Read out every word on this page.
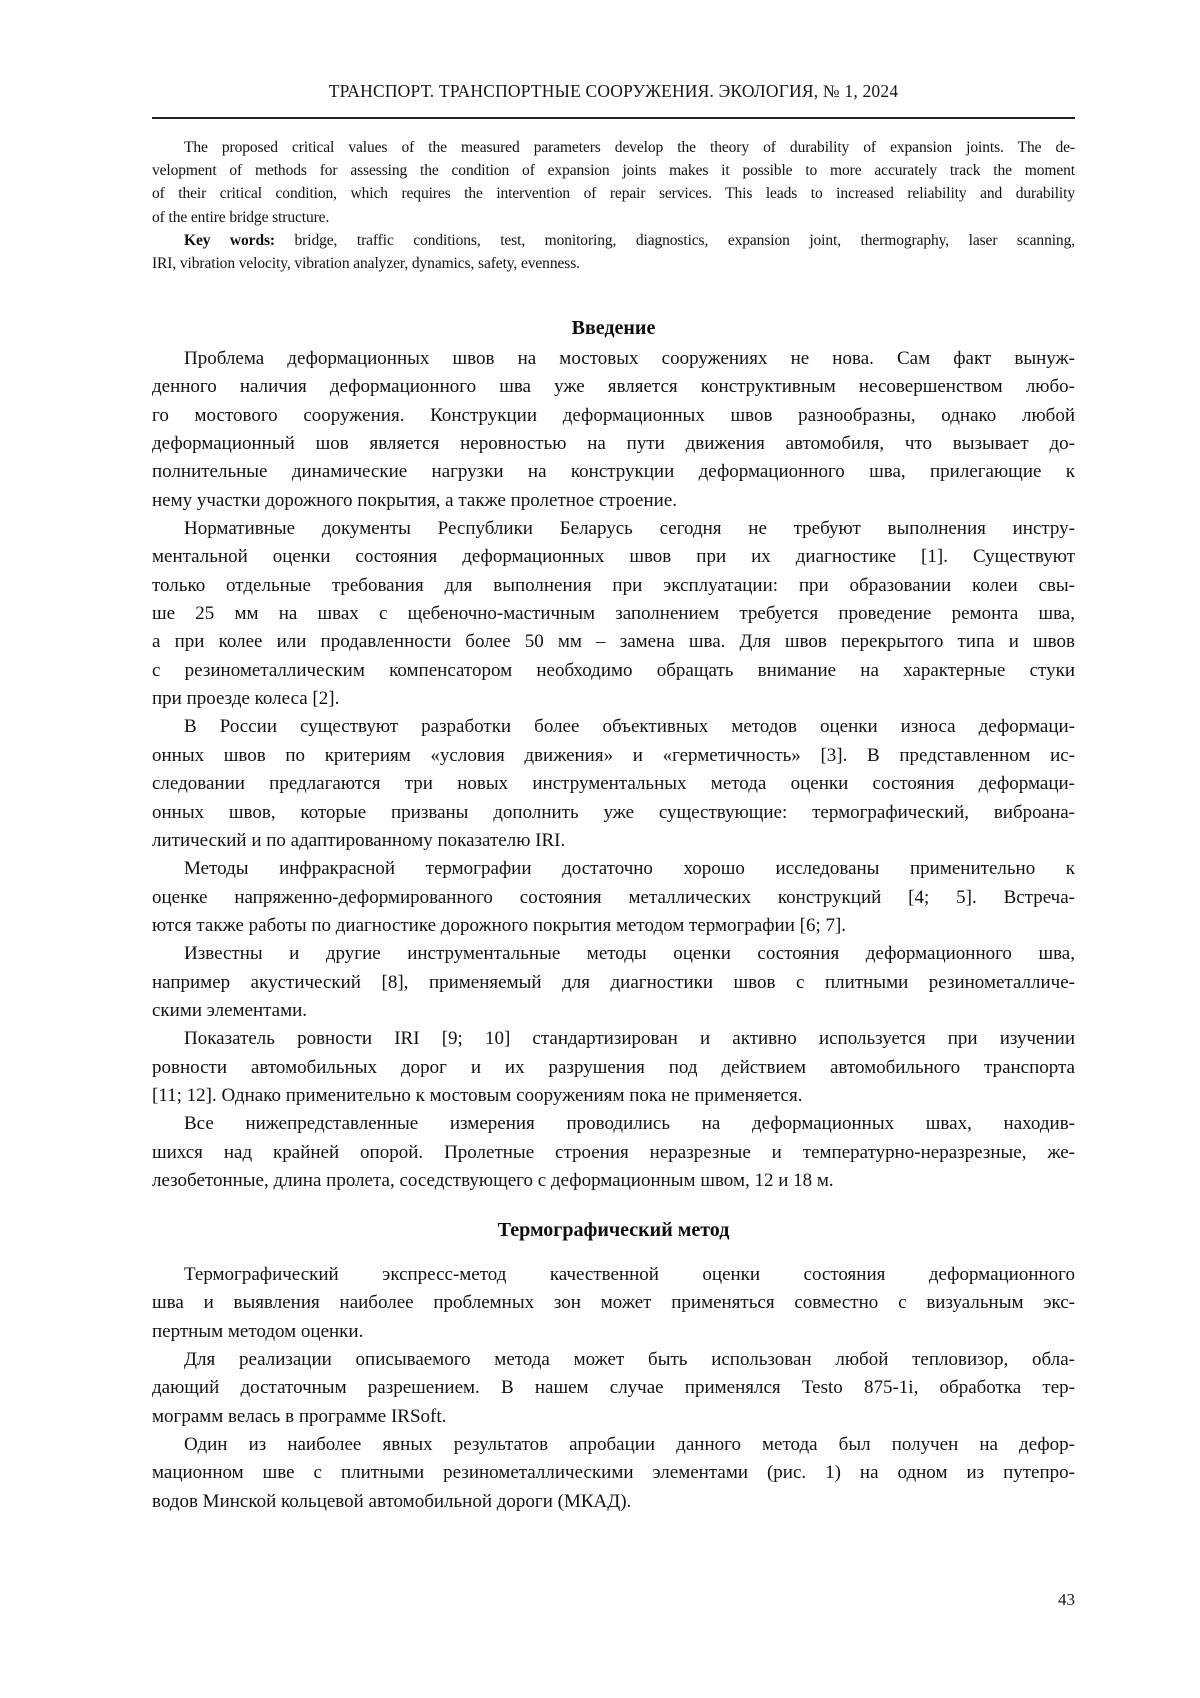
ТРАНСПОРТ. ТРАНСПОРТНЫЕ СООРУЖЕНИЯ. ЭКОЛОГИЯ, № 1, 2024
The proposed critical values of the measured parameters develop the theory of durability of expansion joints. The de-
velopment of methods for assessing the condition of expansion joints makes it possible to more accurately track the moment
of their critical condition, which requires the intervention of repair services. This leads to increased reliability and durability
of the entire bridge structure.
Key words: bridge, traffic conditions, test, monitoring, diagnostics, expansion joint, thermography, laser scanning,
IRI, vibration velocity, vibration analyzer, dynamics, safety, evenness.
Введение
Проблема деформационных швов на мостовых сооружениях не нова. Сам факт вынуж-
денного наличия деформационного шва уже является конструктивным несовершенством любо-
го мостового сооружения. Конструкции деформационных швов разнообразны, однако любой
деформационный шов является неровностью на пути движения автомобиля, что вызывает до-
полнительные динамические нагрузки на конструкции деформационного шва, прилегающие к
нему участки дорожного покрытия, а также пролетное строение.
Нормативные документы Республики Беларусь сегодня не требуют выполнения инстру-
ментальной оценки состояния деформационных швов при их диагностике [1]. Существуют
только отдельные требования для выполнения при эксплуатации: при образовании колеи свы-
ше 25 мм на швах с щебеночно-мастичным заполнением требуется проведение ремонта шва,
а при колее или продавленности более 50 мм – замена шва. Для швов перекрытого типа и швов
с резинометаллическим компенсатором необходимо обращать внимание на характерные стуки
при проезде колеса [2].
В России существуют разработки более объективных методов оценки износа деформаци-
онных швов по критериям «условия движения» и «герметичность» [3]. В представленном ис-
следовании предлагаются три новых инструментальных метода оценки состояния деформаци-
онных швов, которые призваны дополнить уже существующие: термографический, виброана-
литический и по адаптированному показателю IRI.
Методы инфракрасной термографии достаточно хорошо исследованы применительно к
оценке напряженно-деформированного состояния металлических конструкций [4; 5]. Встреча-
ются также работы по диагностике дорожного покрытия методом термографии [6; 7].
Известны и другие инструментальные методы оценки состояния деформационного шва,
например акустический [8], применяемый для диагностики швов с плитными резинометалличе-
скими элементами.
Показатель ровности IRI [9; 10] стандартизирован и активно используется при изучении
ровности автомобильных дорог и их разрушения под действием автомобильного транспорта
[11; 12]. Однако применительно к мостовым сооружениям пока не применяется.
Все нижепредставленные измерения проводились на деформационных швах, находив-
шихся над крайней опорой. Пролетные строения неразрезные и температурно-неразрезные, же-
лезобетонные, длина пролета, соседствующего с деформационным швом, 12 и 18 м.
Термографический метод
Термографический экспресс-метод качественной оценки состояния деформационного
шва и выявления наиболее проблемных зон может применяться совместно с визуальным экс-
пертным методом оценки.
Для реализации описываемого метода может быть использован любой тепловизор, обла-
дающий достаточным разрешением. В нашем случае применялся Testo 875-1i, обработка тер-
мограмм велась в программе IRSoft.
Один из наиболее явных результатов апробации данного метода был получен на дефор-
мационном шве с плитными резинометаллическими элементами (рис. 1) на одном из путепро-
водов Минской кольцевой автомобильной дороги (МКАД).
43
